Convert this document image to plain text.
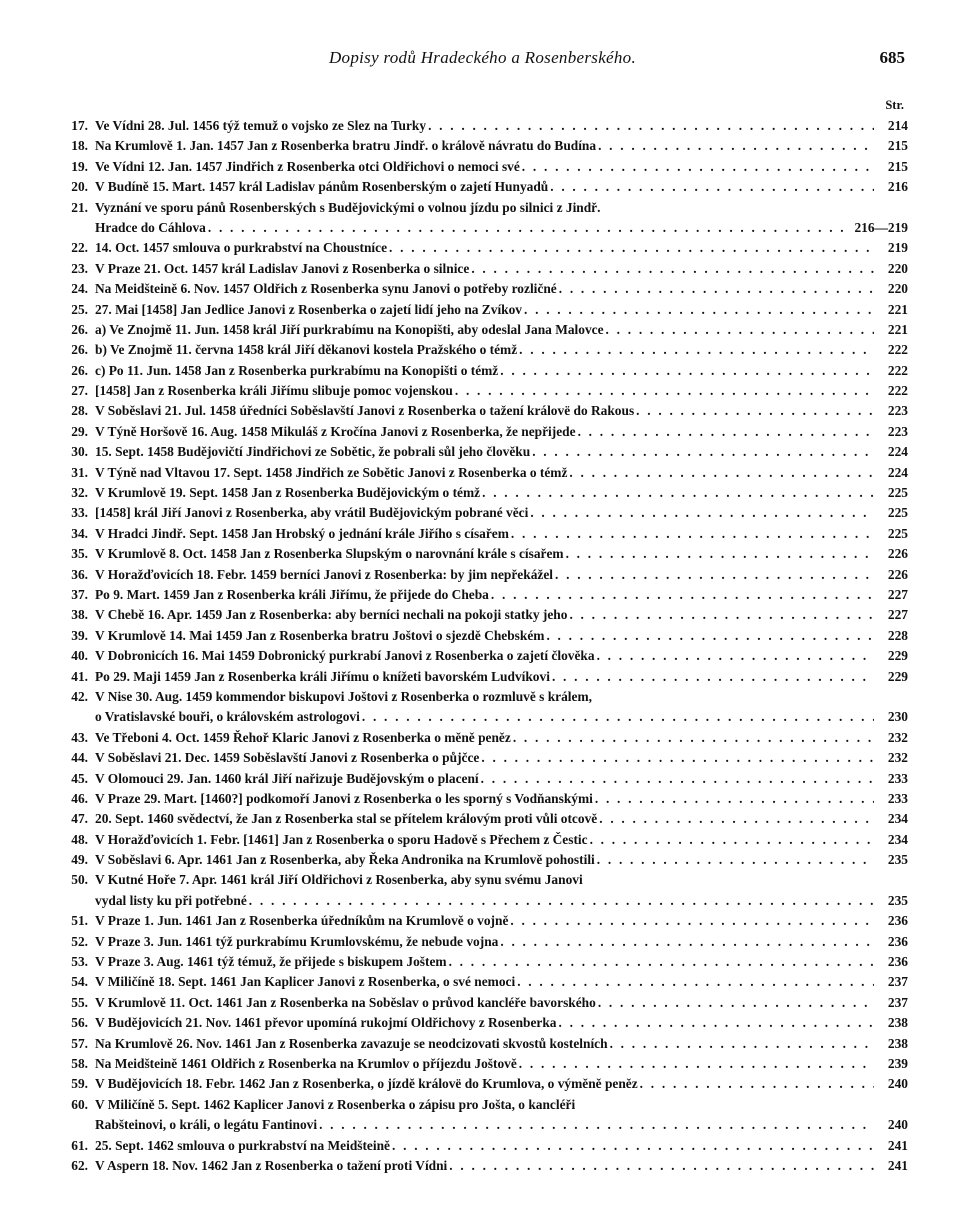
Dopisy rodů Hradeckého a Rosenberského.	685
Str.
17. Ve Vídni 28. Jul. 1456 týž temuž o vojsko ze Slez na Turky . . .	214
18. Na Krumlově 1. Jan. 1457 Jan z Rosenberka bratru Jindř. o králově návratu do Budína . . .	215
19. Ve Vídni 12. Jan. 1457 Jindřich z Rosenberka otci Oldřichovi o nemoci své . . .	215
20. V Budíně 15. Mart. 1457 král Ladislav pánům Rosenberským o zajetí Hunyadů . . .	216
21. Vyznání ve sporu pánů Rosenberských s Budějovickými o volnou jízdu po silnici z Jindř.
Hradce do Cáhlova . . .	216—219
22. 14. Oct. 1457 smlouva o purkrabství na Choustníce . . .	219
23. V Praze 21. Oct. 1457 král Ladislav Janovi z Rosenberka o silnice . . .	220
24. Na Meidšteině 6. Nov. 1457 Oldřich z Rosenberka synu Janovi o potřeby rozličné . . .	220
25. 27. Mai [1458] Jan Jedlice Janovi z Rosenberka o zajetí lidí jeho na Zvíkov . . .	221
26. a) Ve Znojmě 11. Jun. 1458 král Jiří purkrabímu na Konopišti, aby odeslal Jana Malovce . . .	221
26. b) Ve Znojmě 11. června 1458 král Jiří děkanovi kostela Pražského o témž . . .	222
26. c) Po 11. Jun. 1458 Jan z Rosenberka purkrabímu na Konopišti o témž . . .	222
27. [1458] Jan z Rosenberka králi Jiřímu slibuje pomoc vojenskou . . .	222
28. V Soběslavi 21. Jul. 1458 úředníci Soběslavští Janovi z Rosenberka o tažení královë do Rakous . . .	223
29. V Týně Horšově 16. Aug. 1458 Mikuláš z Kročína Janovi z Rosenberka, že nepřijede . . .	223
30. 15. Sept. 1458 Budějovičtí Jindřichovi ze Sobětic, že pobrali sůl jeho člověku . . .	224
31. V Týně nad Vltavou 17. Sept. 1458 Jindřich ze Sobětic Janovi z Rosenberka o témž . . .	224
32. V Krumlově 19. Sept. 1458 Jan z Rosenberka Budějovickým o témž . . .	225
33. [1458] král Jiří Janovi z Rosenberka, aby vrátil Budějovickým pobrané věci . . .	225
34. V Hradci Jindř. Sept. 1458 Jan Hrobský o jednání krále Jiřího s císařem . . .	225
35. V Krumlově 8. Oct. 1458 Jan z Rosenberka Slupským o narovnání krále s císařem . . .	226
36. V Horažďovicích 18. Febr. 1459 berníci Janovi z Rosenberka: by jim nepřekážel . . .	226
37. Po 9. Mart. 1459 Jan z Rosenberka králi Jiřímu, že přijede do Cheba . . .	227
38. V Chebě 16. Apr. 1459 Jan z Rosenberka: aby berníci nechali na pokoji statky jeho . . .	227
39. V Krumlově 14. Mai 1459 Jan z Rosenberka bratru Joštovi o sjezdě Chebském . . .	228
40. V Dobronicích 16. Mai 1459 Dobronický purkrabí Janovi z Rosenberka o zajetí člověka . . .	229
41. Po 29. Maji 1459 Jan z Rosenberka králi Jiřímu o knížeti bavorském Ludvíkovi . . .	229
42. V Nise 30. Aug. 1459 kommendor biskupovi Joštovi z Rosenberka o rozmluvě s králem,
o Vratislavské bouři, o královském astrologovi . . .	230
43. Ve Třeboni 4. Oct. 1459 Řehoř Klaric Janovi z Rosenberka o měně peněz . . .	232
44. V Soběslavi 21. Dec. 1459 Soběslavští Janovi z Rosenberka o půjčce . . .	232
45. V Olomouci 29. Jan. 1460 král Jiří nařizuje Budějovským o placení . . .	233
46. V Praze 29. Mart. [1460?] podkomoří Janovi z Rosenberka o les sporný s Vodňanskými . . .	233
47. 20. Sept. 1460 svědectví, že Jan z Rosenberka stal se přítelem královým proti vůli otcově . . .	234
48. V Horažďovicích 1. Febr. [1461] Jan z Rosenberka o sporu Hadově s Přechem z Čestic . . .	234
49. V Soběslavi 6. Apr. 1461 Jan z Rosenberka, aby Řeka Andronika na Krumlově pohostili . . .	235
50. V Kutné Hoře 7. Apr. 1461 král Jiří Oldřichovi z Rosenberka, aby synu svému Janovi
vydal listy ku při potřebné . . .	235
51. V Praze 1. Jun. 1461 Jan z Rosenberka úředníkům na Krumlově o vojně . . .	236
52. V Praze 3. Jun. 1461 týž purkrabímu Krumlovskému, že nebude vojna . . .	236
53. V Praze 3. Aug. 1461 týž témuž, že přijede s biskupem Joštem . . .	236
54. V Miličíně 18. Sept. 1461 Jan Kaplicer Janovi z Rosenberka, o své nemoci . . .	237
55. V Krumlově 11. Oct. 1461 Jan z Rosenberka na Soběslav o průvod kancléře bavorského . . .	237
56. V Budějovicích 21. Nov. 1461 převor upomíná rukojmí Oldřichovy z Rosenberka . . .	238
57. Na Krumlově 26. Nov. 1461 Jan z Rosenberka zavazuje se neodcizovati skvostů kostelních . . .	238
58. Na Meidšteině 1461 Oldřich z Rosenberka na Krumlov o příjezdu Joštově . . .	239
59. V Budějovicích 18. Febr. 1462 Jan z Rosenberka, o jízdě královë do Krumlova, o výměně peněz . . .	240
60. V Miličíně 5. Sept. 1462 Kaplicer Janovi z Rosenberka o zápisu pro Jošta, o kancléři
Rabšteinovi, o králi, o legátu Fantinovi . . .	240
61. 25. Sept. 1462 smlouva o purkrabství na Meidšteině . . .	241
62. V Aspern 18. Nov. 1462 Jan z Rosenberka o tažení proti Vídni . . .	241
